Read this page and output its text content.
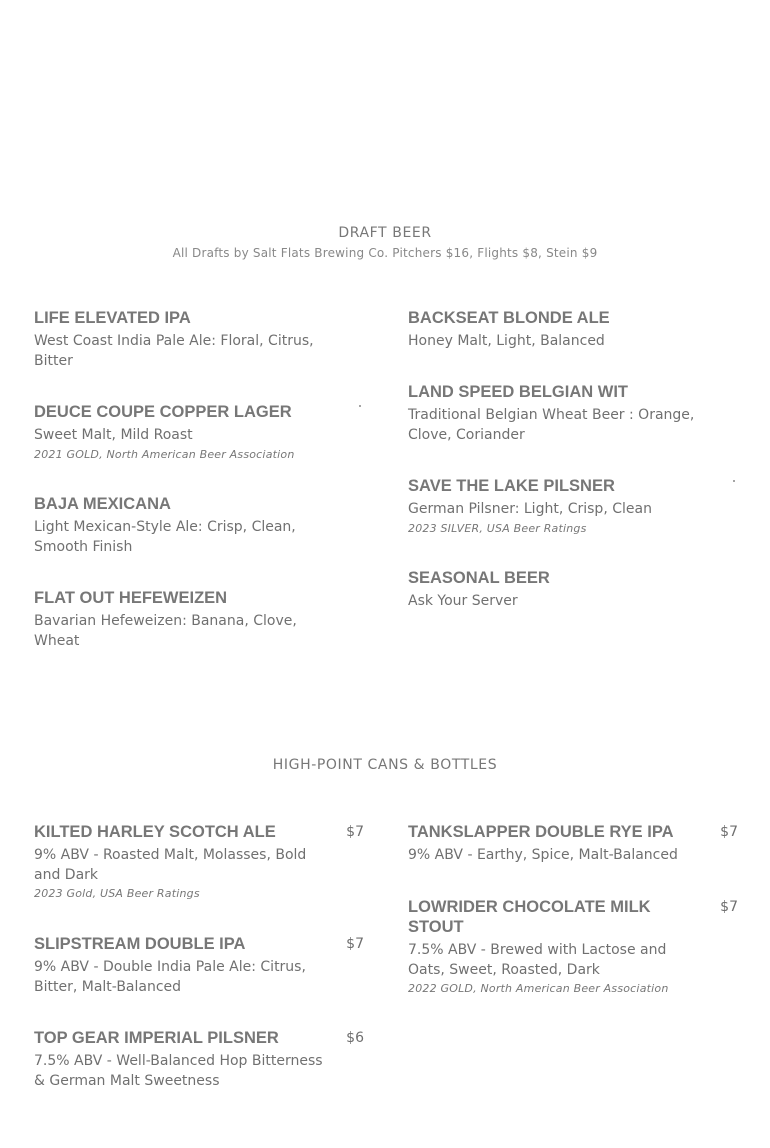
DRAFT BEER
All Drafts by Salt Flats Brewing Co. Pitchers $16, Flights $8, Stein $9
LIFE ELEVATED IPA
West Coast India Pale Ale: Floral, Citrus, Bitter
DEUCE COUPE COPPER LAGER
Sweet Malt, Mild Roast
2021 GOLD, North American Beer Association
BAJA MEXICANA
Light Mexican-Style Ale: Crisp, Clean, Smooth Finish
FLAT OUT HEFEWEIZEN
Bavarian Hefeweizen: Banana, Clove, Wheat
BACKSEAT BLONDE ALE
Honey Malt, Light, Balanced
LAND SPEED BELGIAN WIT
Traditional Belgian Wheat Beer : Orange, Clove, Coriander
SAVE THE LAKE PILSNER
German Pilsner: Light, Crisp, Clean
2023 SILVER, USA Beer Ratings
SEASONAL BEER
Ask Your Server
HIGH-POINT CANS & BOTTLES
KILTED HARLEY SCOTCH ALE	$7
9% ABV - Roasted Malt, Molasses, Bold and Dark
2023 Gold, USA Beer Ratings
SLIPSTREAM DOUBLE IPA	$7
9% ABV - Double India Pale Ale: Citrus, Bitter, Malt-Balanced
TOP GEAR IMPERIAL PILSNER	$6
7.5% ABV - Well-Balanced Hop Bitterness & German Malt Sweetness
TANKSLAPPER DOUBLE RYE IPA	$7
9% ABV - Earthy, Spice, Malt-Balanced
LOWRIDER CHOCOLATE MILK STOUT
$7
7.5% ABV - Brewed with Lactose and Oats, Sweet, Roasted, Dark
2022 GOLD, North American Beer Association
